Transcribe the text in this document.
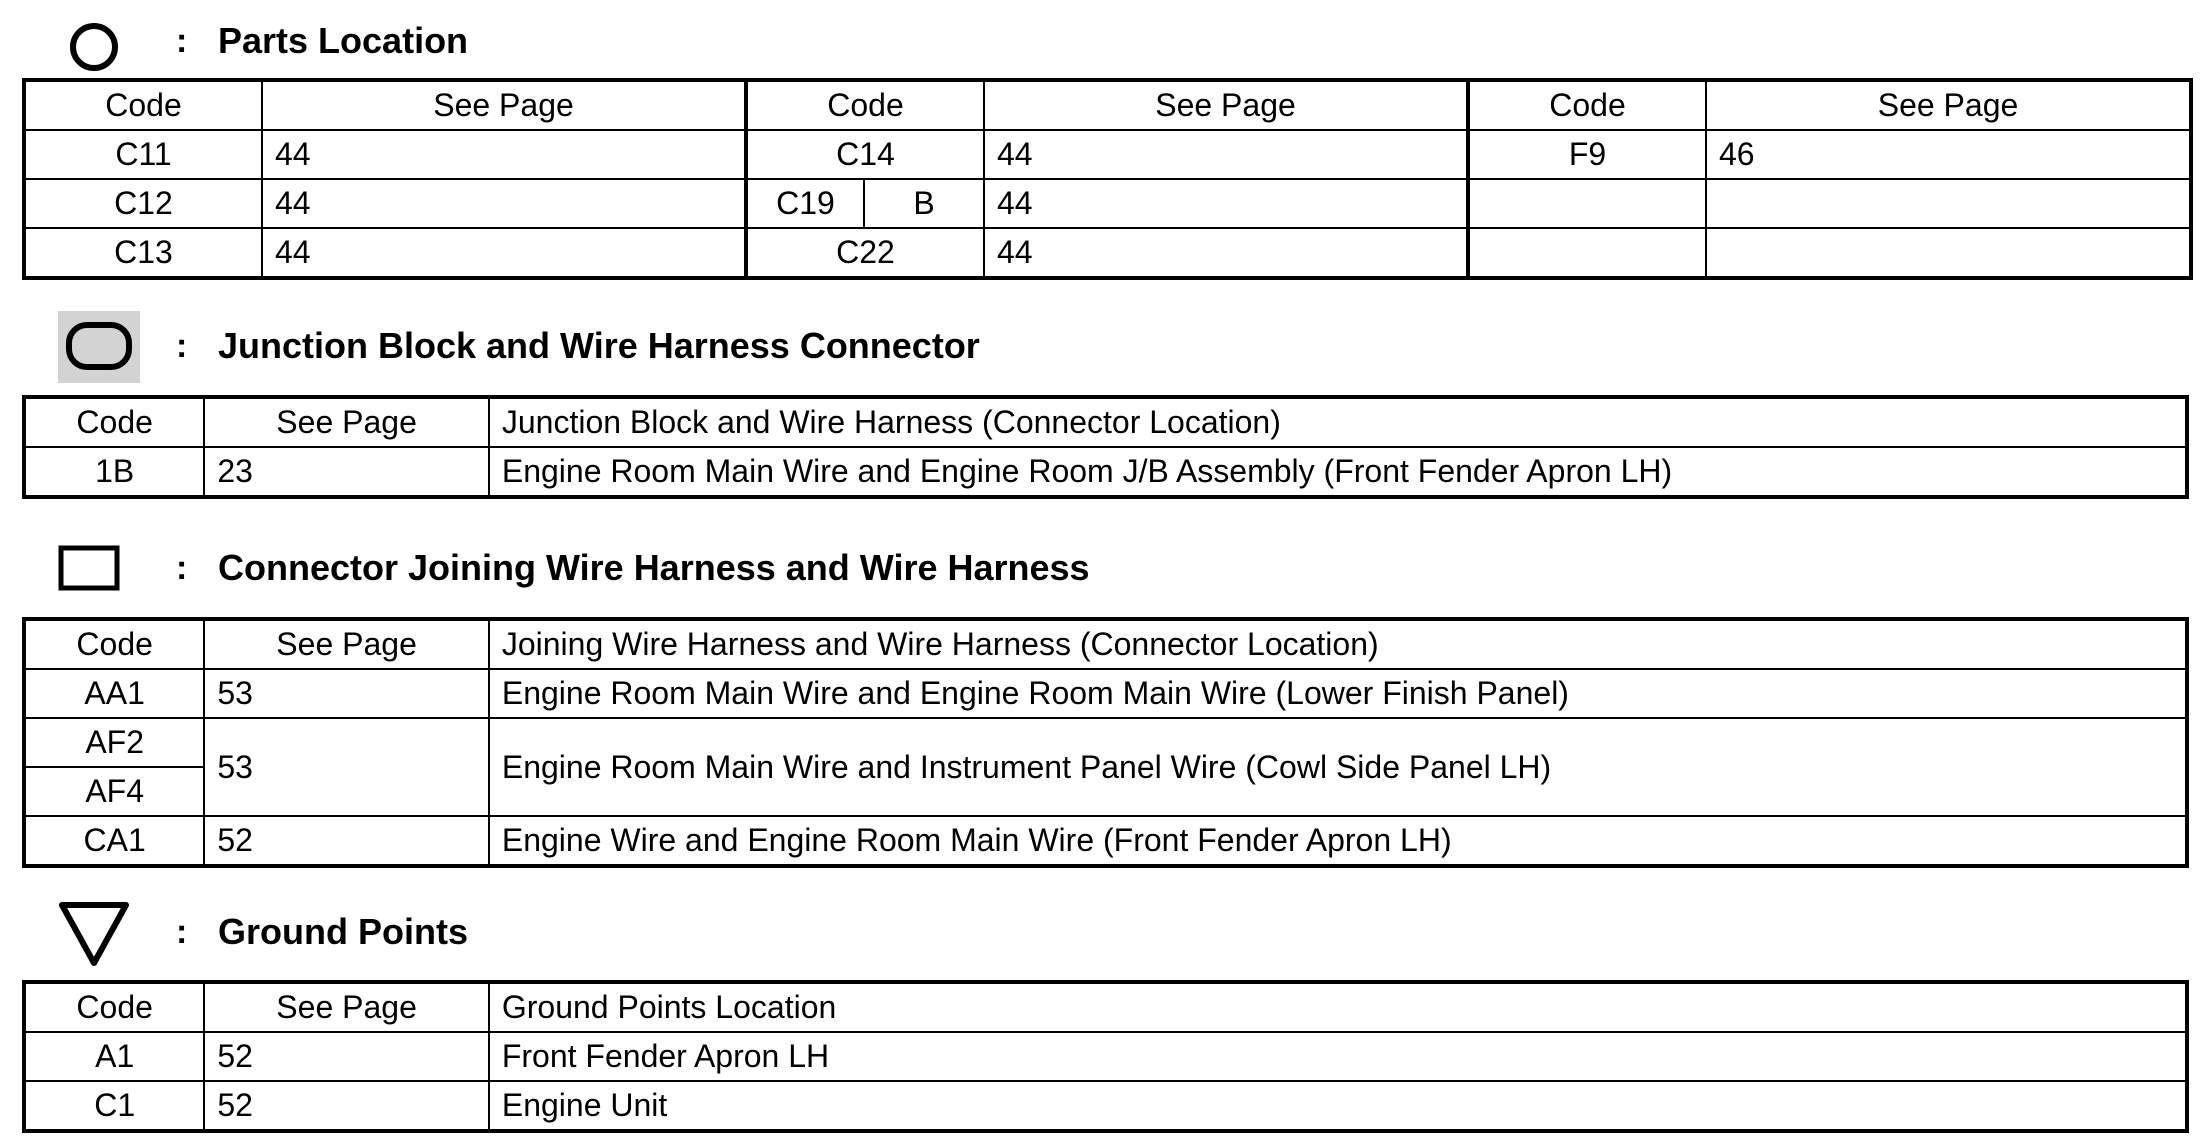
: Parts Location
Code	See Page	Code		See Page	Code	See Page
C11	44	C14		44	F9	46
C12	44	C19	B	44		
C13	44	C22		44		
: Junction Block and Wire Harness Connector
Code	See Page	Junction Block and Wire Harness (Connector Location)
1B	23	Engine Room Main Wire and Engine Room J/B Assembly (Front Fender Apron LH)
: Connector Joining Wire Harness and Wire Harness
Code	See Page	Joining Wire Harness and Wire Harness (Connector Location)
AA1	53	Engine Room Main Wire and Engine Room Main Wire (Lower Finish Panel)
AF2	53	Engine Room Main Wire and Instrument Panel Wire (Cowl Side Panel LH)
AF4		
CA1	52	Engine Wire and Engine Room Main Wire (Front Fender Apron LH)
: Ground Points
Code	See Page	Ground Points Location
A1	52	Front Fender Apron LH
C1	52	Engine Unit
